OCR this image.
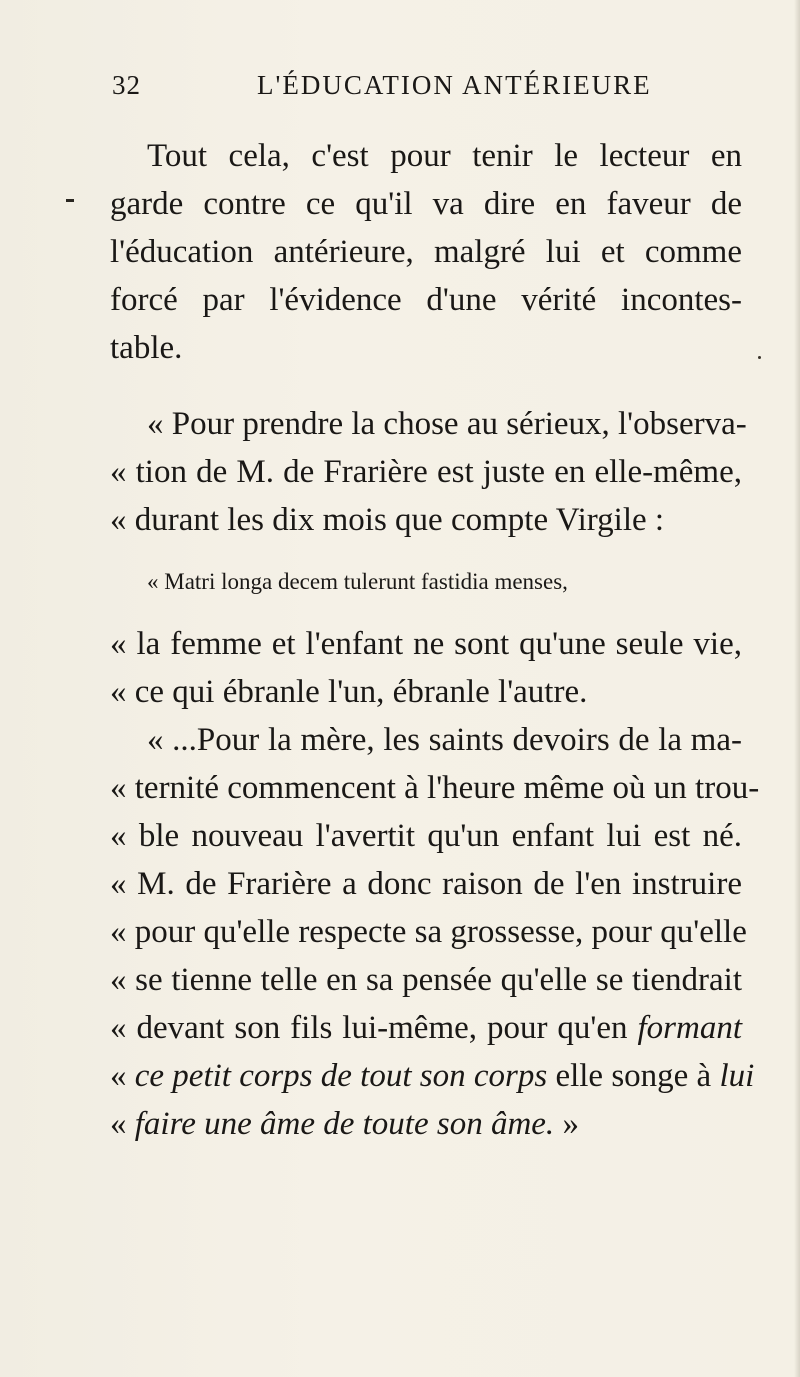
32	L'ÉDUCATION ANTÉRIEURE
Tout cela, c'est pour tenir le lecteur en
garde contre ce qu'il va dire en faveur de
l'éducation antérieure, malgré lui et comme
forcé par l'évidence d'une vérité incontes-
table.
« Pour prendre la chose au sérieux, l'observa-
« tion de M. de Frarière est juste en elle-même,
« durant les dix mois que compte Virgile :
« Matri longa decem tulerunt fastidia menses,
« la femme et l'enfant ne sont qu'une seule vie,
« ce qui ébranle l'un, ébranle l'autre.
« ...Pour la mère, les saints devoirs de la ma-
« ternité commencent à l'heure même où un trou-
« ble nouveau l'avertit qu'un enfant lui est né.
« M. de Frarière a donc raison de l'en instruire
« pour qu'elle respecte sa grossesse, pour qu'elle
« se tienne telle en sa pensée qu'elle se tiendrait
« devant son fils lui-même, pour qu'en formant
« ce petit corps de tout son corps elle songe à lui
« faire une âme de toute son âme. »
